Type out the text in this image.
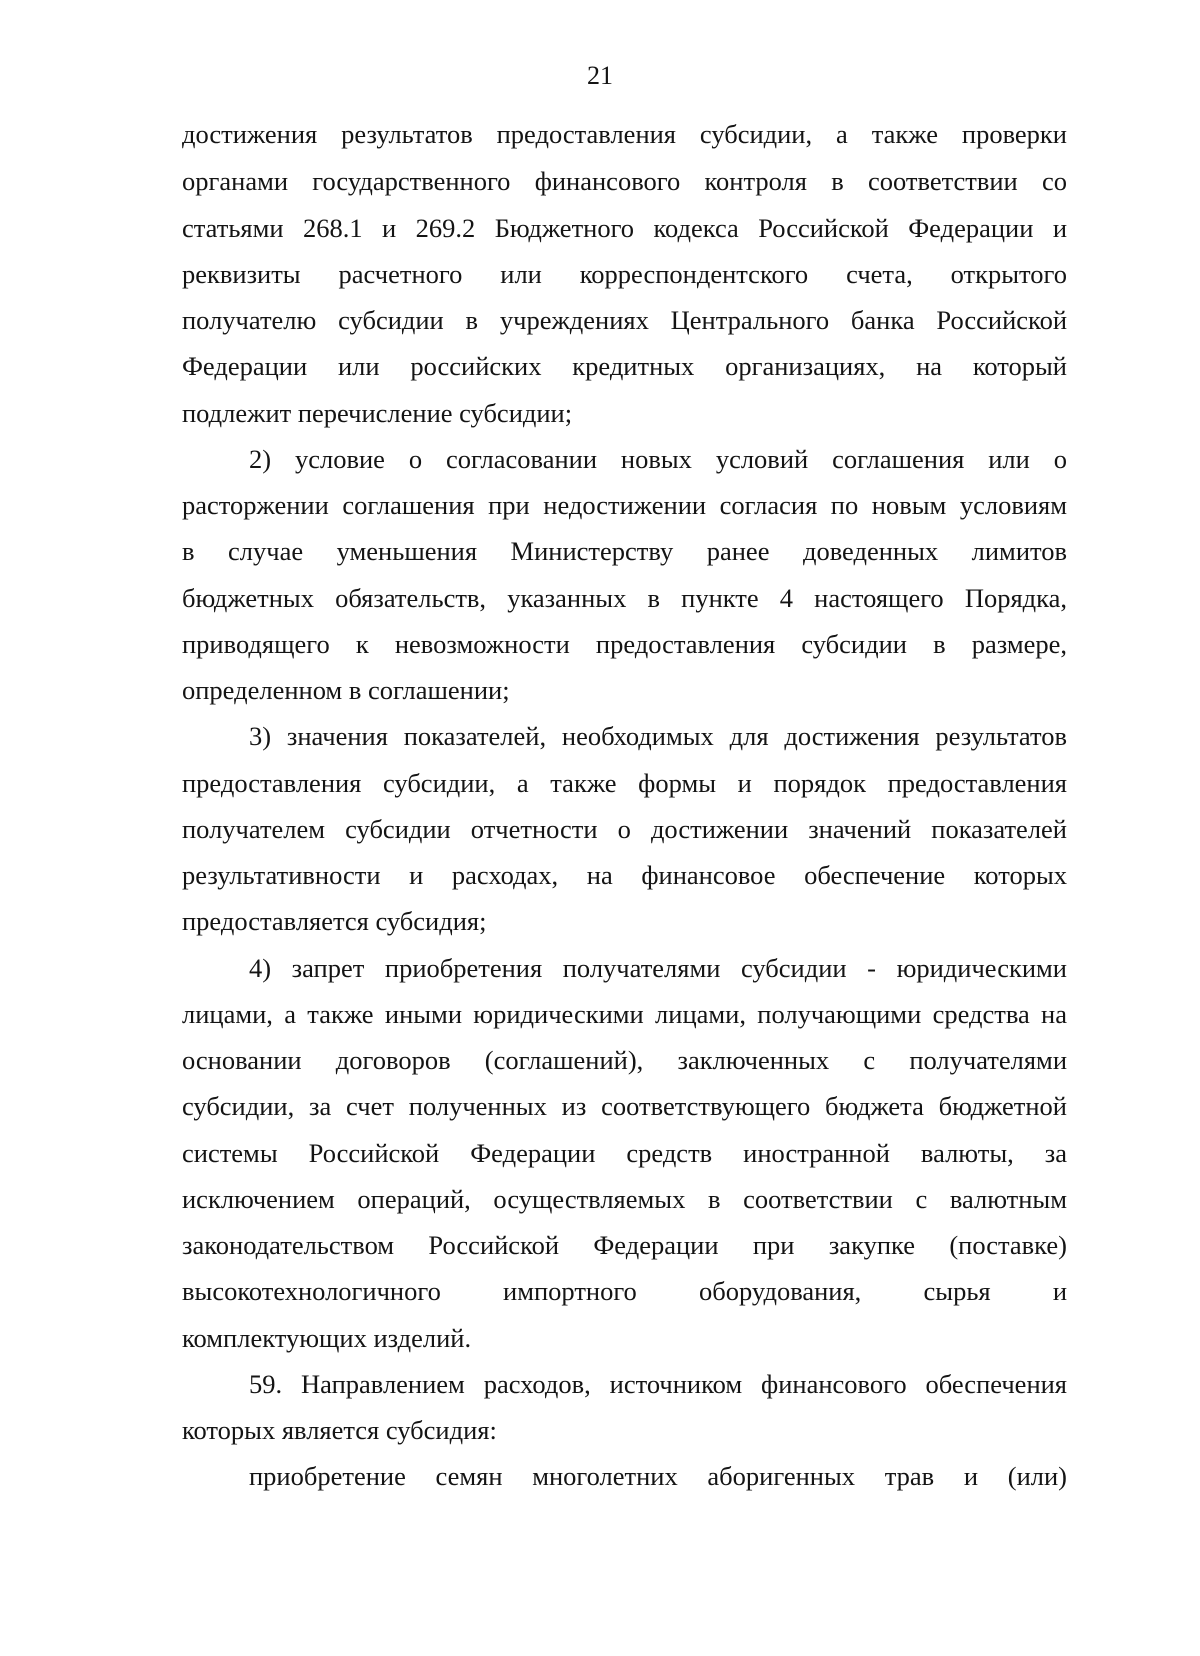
21
достижения результатов предоставления субсидии, а также проверки
органами государственного финансового контроля в соответствии со
статьями 268.1 и 269.2 Бюджетного кодекса Российской Федерации и
реквизиты расчетного или корреспондентского счета, открытого
получателю субсидии в учреждениях Центрального банка Российской
Федерации или российских кредитных организациях, на который
подлежит перечисление субсидии;
2) условие о согласовании новых условий соглашения или о
расторжении соглашения при недостижении согласия по новым условиям
в случае уменьшения Министерству ранее доведенных лимитов
бюджетных обязательств, указанных в пункте 4 настоящего Порядка,
приводящего к невозможности предоставления субсидии в размере,
определенном в соглашении;
3) значения показателей, необходимых для достижения результатов
предоставления субсидии, а также формы и порядок предоставления
получателем субсидии отчетности о достижении значений показателей
результативности и расходах, на финансовое обеспечение которых
предоставляется субсидия;
4) запрет приобретения получателями субсидии - юридическими
лицами, а также иными юридическими лицами, получающими средства на
основании договоров (соглашений), заключенных с получателями
субсидии, за счет полученных из соответствующего бюджета бюджетной
системы Российской Федерации средств иностранной валюты, за
исключением операций, осуществляемых в соответствии с валютным
законодательством Российской Федерации при закупке (поставке)
высокотехнологичного импортного оборудования, сырья и
комплектующих изделий.
59. Направлением расходов, источником финансового обеспечения
которых является субсидия:
приобретение семян многолетних аборигенных трав и (или)
